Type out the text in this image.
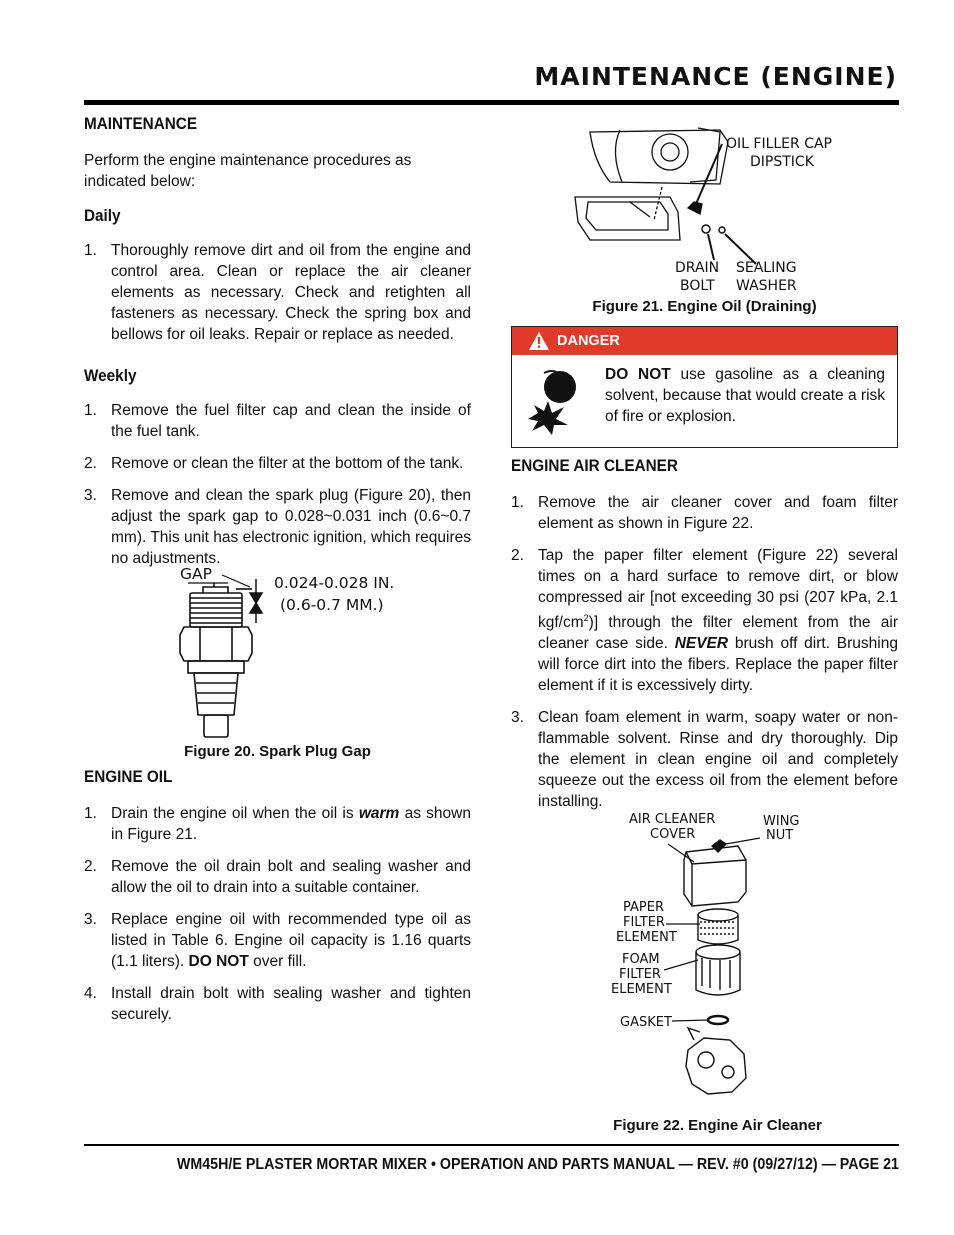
MAINTENANCE (ENGINE)
MAINTENANCE

Perform the engine maintenance procedures as indicated below:

Daily
1. Thoroughly remove dirt and oil from the engine and control area. Clean or replace the air cleaner elements as necessary. Check and retighten all fasteners as necessary. Check the spring box and bellows for oil leaks. Repair or replace as needed.
Weekly
1. Remove the fuel filter cap and clean the inside of the fuel tank.
2. Remove or clean the filter at the bottom of the tank.
3. Remove and clean the spark plug (Figure 20), then adjust the spark gap to 0.028~0.031 inch (0.6~0.7 mm). This unit has electronic ignition, which requires no adjustments.
GAP	0.024-0.028 IN.
(0.6-0.7 MM.)
Figure 20. Spark Plug Gap
ENGINE OIL
1. Drain the engine oil when the oil is warm as shown in Figure 21.
2. Remove the oil drain bolt and sealing washer and allow the oil to drain into a suitable container.
3. Replace engine oil with recommended type oil as listed in Table 6. Engine oil capacity is 1.16 quarts (1.1 liters). DO NOT over fill.
4. Install drain bolt with sealing washer and tighten securely.
OIL FILLER CAP
DIPSTICK
DRAIN
BOLT
SEALING
WASHER
Figure 21. Engine Oil (Draining)
DANGER
DO NOT use gasoline as a cleaning solvent, because that would create a risk of fire or explosion.
ENGINE AIR CLEANER
1. Remove the air cleaner cover and foam filter element as shown in Figure 22.
2. Tap the paper filter element (Figure 22) several times on a hard surface to remove dirt, or blow compressed air [not exceeding 30 psi (207 kPa, 2.1 kgf/$cm^2$)] through the filter element from the air cleaner case side. NEVER brush off dirt. Brushing will force dirt into the fibers. Replace the paper filter element if it is excessively dirty.
3. Clean foam element in warm, soapy water or non-flammable solvent. Rinse and dry thoroughly. Dip the element in clean engine oil and completely squeeze out the excess oil from the element before installing.
AIR CLEANER
COVER
WING
NUT
PAPER
FILTER
ELEMENT
FOAM
FILTER
ELEMENT
GASKET
Figure 22. Engine Air Cleaner
WM45H/E PLASTER MORTAR MIXER • OPERATION AND PARTS MANUAL — REV. #0 (09/27/12) — PAGE 21
